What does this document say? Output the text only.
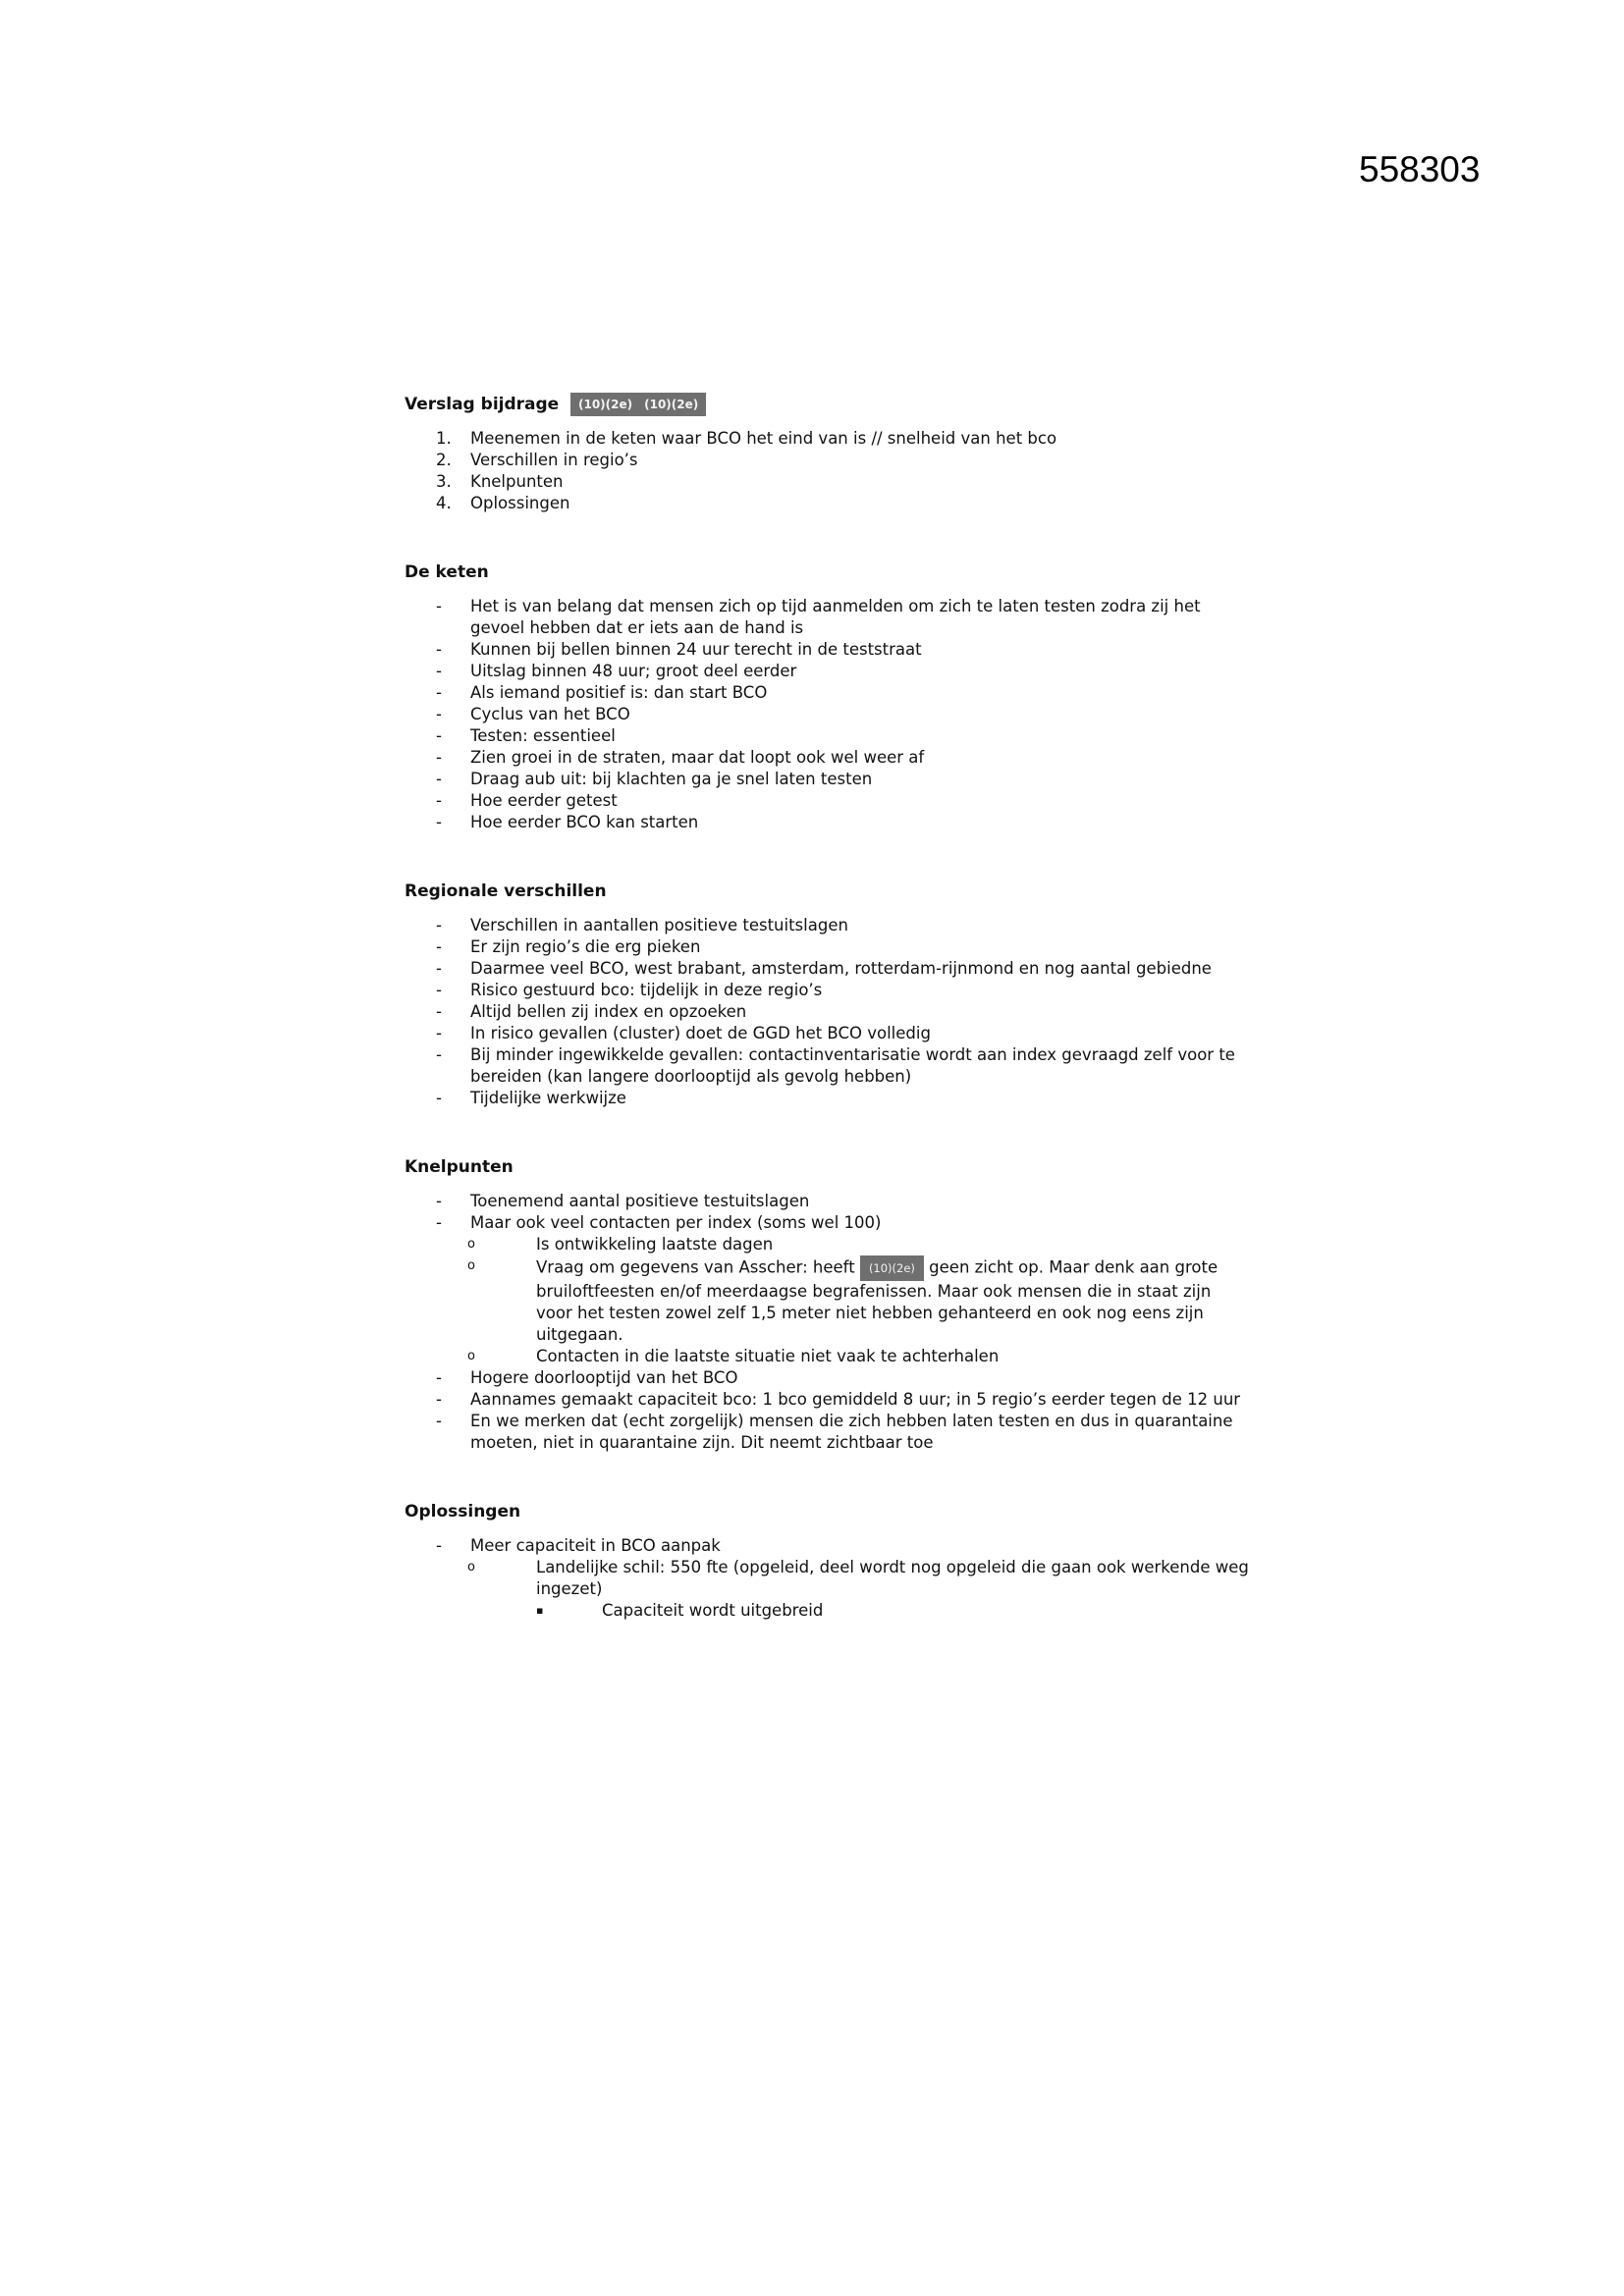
558303
Verslag bijdrage (10)(2e) (10)(2e)
1. Meenemen in de keten waar BCO het eind van is // snelheid van het bco
2. Verschillen in regio’s
3. Knelpunten
4. Oplossingen
De keten
-	Het is van belang dat mensen zich op tijd aanmelden om zich te laten testen zodra zij het gevoel hebben dat er iets aan de hand is
-	Kunnen bij bellen binnen 24 uur terecht in de teststraat
-	Uitslag binnen 48 uur; groot deel eerder
-	Als iemand positief is: dan start BCO
-	Cyclus van het BCO
-	Testen: essentieel
-	Zien groei in de straten, maar dat loopt ook wel weer af
-	Draag aub uit: bij klachten ga je snel laten testen
-	Hoe eerder getest
-	Hoe eerder BCO kan starten
Regionale verschillen
-	Verschillen in aantallen positieve testuitslagen
-	Er zijn regio’s die erg pieken
-	Daarmee veel BCO, west brabant, amsterdam, rotterdam-rijnmond en nog aantal gebiedne
-	Risico gestuurd bco: tijdelijk in deze regio’s
-	Altijd bellen zij index en opzoeken
-	In risico gevallen (cluster) doet de GGD het BCO volledig
-	Bij minder ingewikkelde gevallen: contactinventarisatie wordt aan index gevraagd zelf voor te bereiden (kan langere doorlooptijd als gevolg hebben)
-	Tijdelijke werkwijze
Knelpunten
-	Toenemend aantal positieve testuitslagen
-	Maar ook veel contacten per index (soms wel 100)
o	Is ontwikkeling laatste dagen
o	Vraag om gegevens van Asscher: heeft (10)(2e) geen zicht op. Maar denk aan grote bruiloftfeesten en/of meerdaagse begrafenissen. Maar ook mensen die in staat zijn voor het testen zowel zelf 1,5 meter niet hebben gehanteerd en ook nog eens zijn uitgegaan.
o	Contacten in die laatste situatie niet vaak te achterhalen
-	Hogere doorlooptijd van het BCO
-	Aannames gemaakt capaciteit bco: 1 bco gemiddeld 8 uur; in 5 regio’s eerder tegen de 12 uur
-	En we merken dat (echt zorgelijk) mensen die zich hebben laten testen en dus in quarantaine moeten, niet in quarantaine zijn. Dit neemt zichtbaar toe
Oplossingen
-	Meer capaciteit in BCO aanpak
o	Landelijke schil: 550 fte (opgeleid, deel wordt nog opgeleid die gaan ook werkende weg ingezet)
▪	Capaciteit wordt uitgebreid
